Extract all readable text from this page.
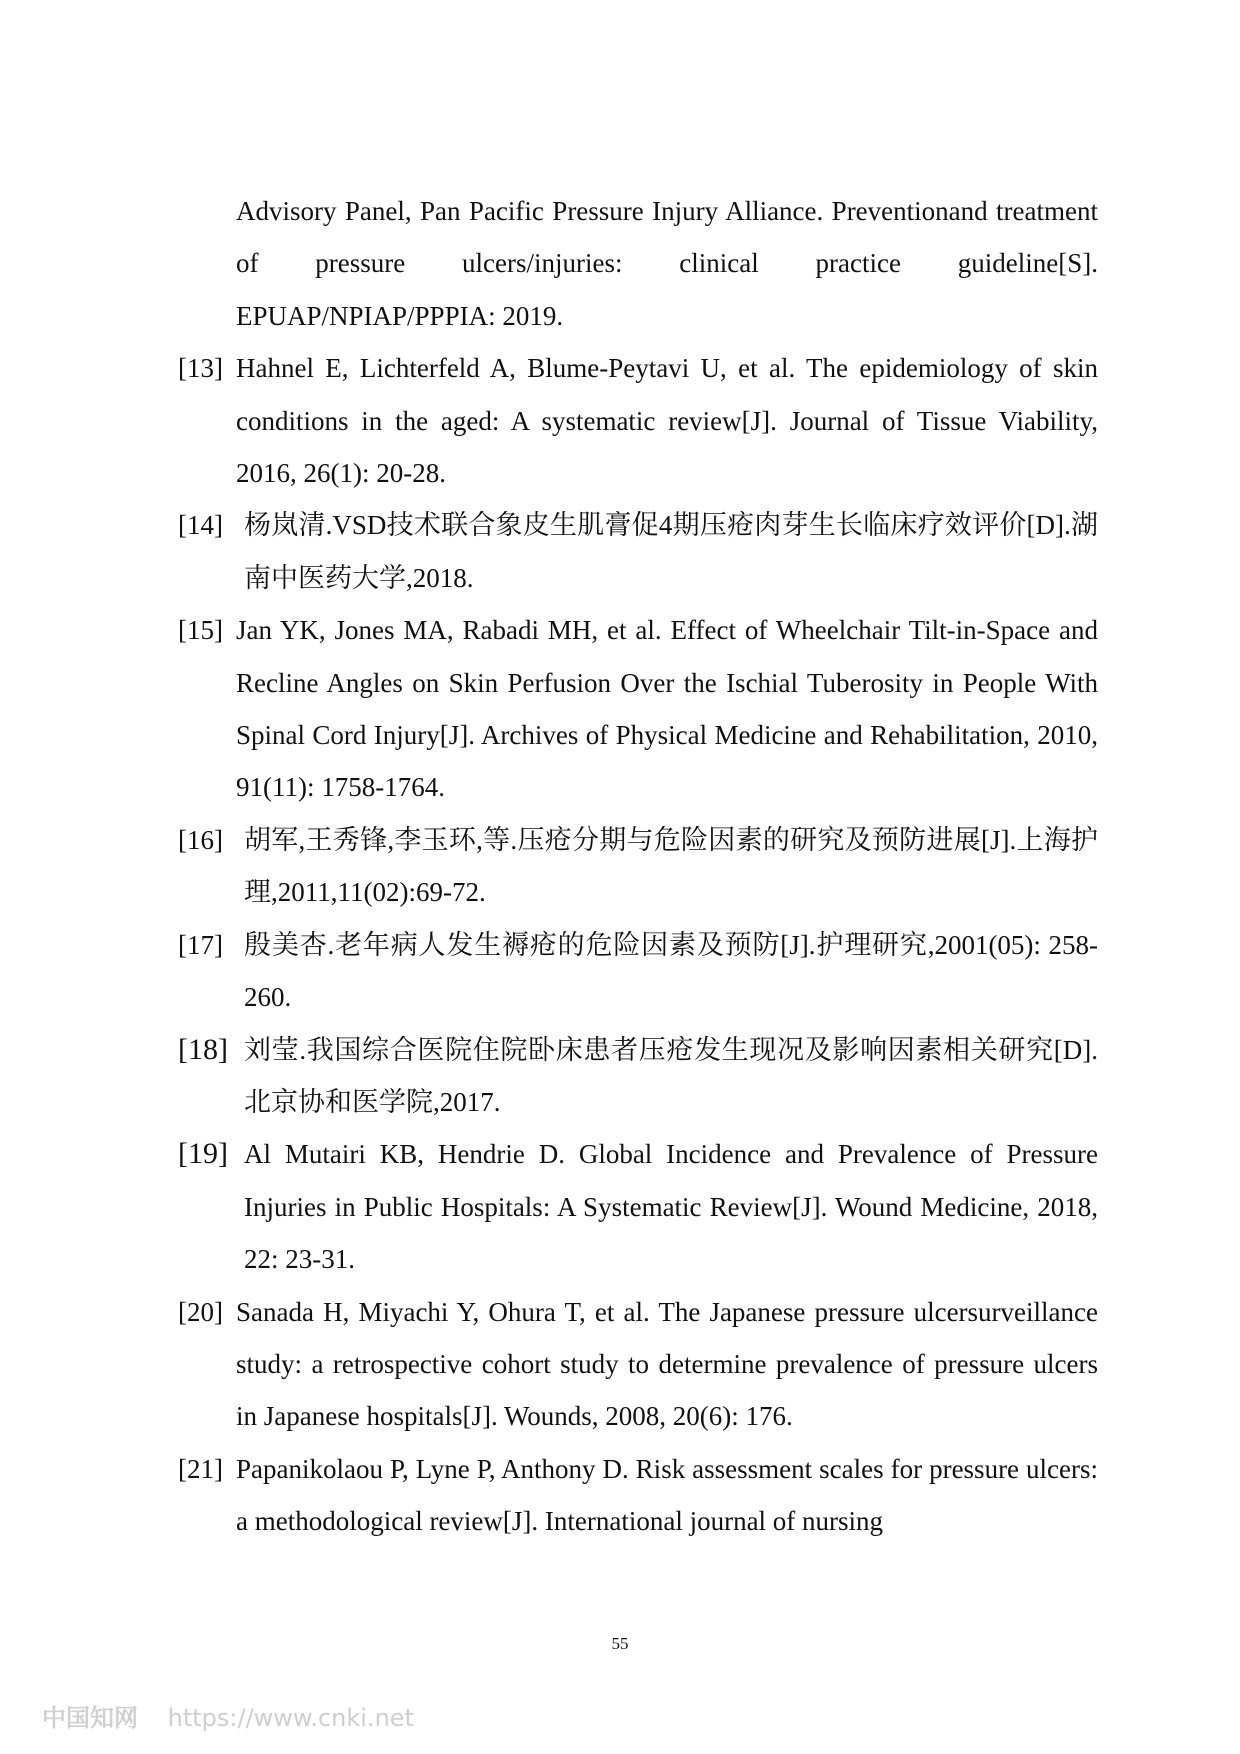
Advisory Panel, Pan Pacific Pressure Injury Alliance. Preventionand treatment of pressure ulcers/injuries: clinical practice guideline[S]. EPUAP/NPIAP/PPPIA: 2019.
[13] Hahnel E, Lichterfeld A, Blume-Peytavi U, et al. The epidemiology of skin conditions in the aged: A systematic review[J]. Journal of Tissue Viability, 2016, 26(1): 20-28.
[14] 杨岚清.VSD技术联合象皮生肌膏促4期压疮肉芽生长临床疗效评价[D].湖南中医药大学,2018.
[15] Jan YK, Jones MA, Rabadi MH, et al. Effect of Wheelchair Tilt-in-Space and Recline Angles on Skin Perfusion Over the Ischial Tuberosity in People With Spinal Cord Injury[J]. Archives of Physical Medicine and Rehabilitation, 2010, 91(11): 1758-1764.
[16] 胡军,王秀锋,李玉环,等.压疮分期与危险因素的研究及预防进展[J].上海护理,2011,11(02):69-72.
[17] 殷美杏.老年病人发生褥疮的危险因素及预防[J].护理研究,2001(05): 258-260.
[18] 刘莹.我国综合医院住院卧床患者压疮发生现况及影响因素相关研究[D].北京协和医学院,2017.
[19] Al Mutairi KB, Hendrie D. Global Incidence and Prevalence of Pressure Injuries in Public Hospitals: A Systematic Review[J]. Wound Medicine, 2018, 22: 23-31.
[20] Sanada H, Miyachi Y, Ohura T, et al. The Japanese pressure ulcersurveillance study: a retrospective cohort study to determine prevalence of pressure ulcers in Japanese hospitals[J]. Wounds, 2008, 20(6): 176.
[21] Papanikolaou P, Lyne P, Anthony D. Risk assessment scales for pressure ulcers: a methodological review[J]. International journal of nursing
55
中国知网 https://www.cnki.net
